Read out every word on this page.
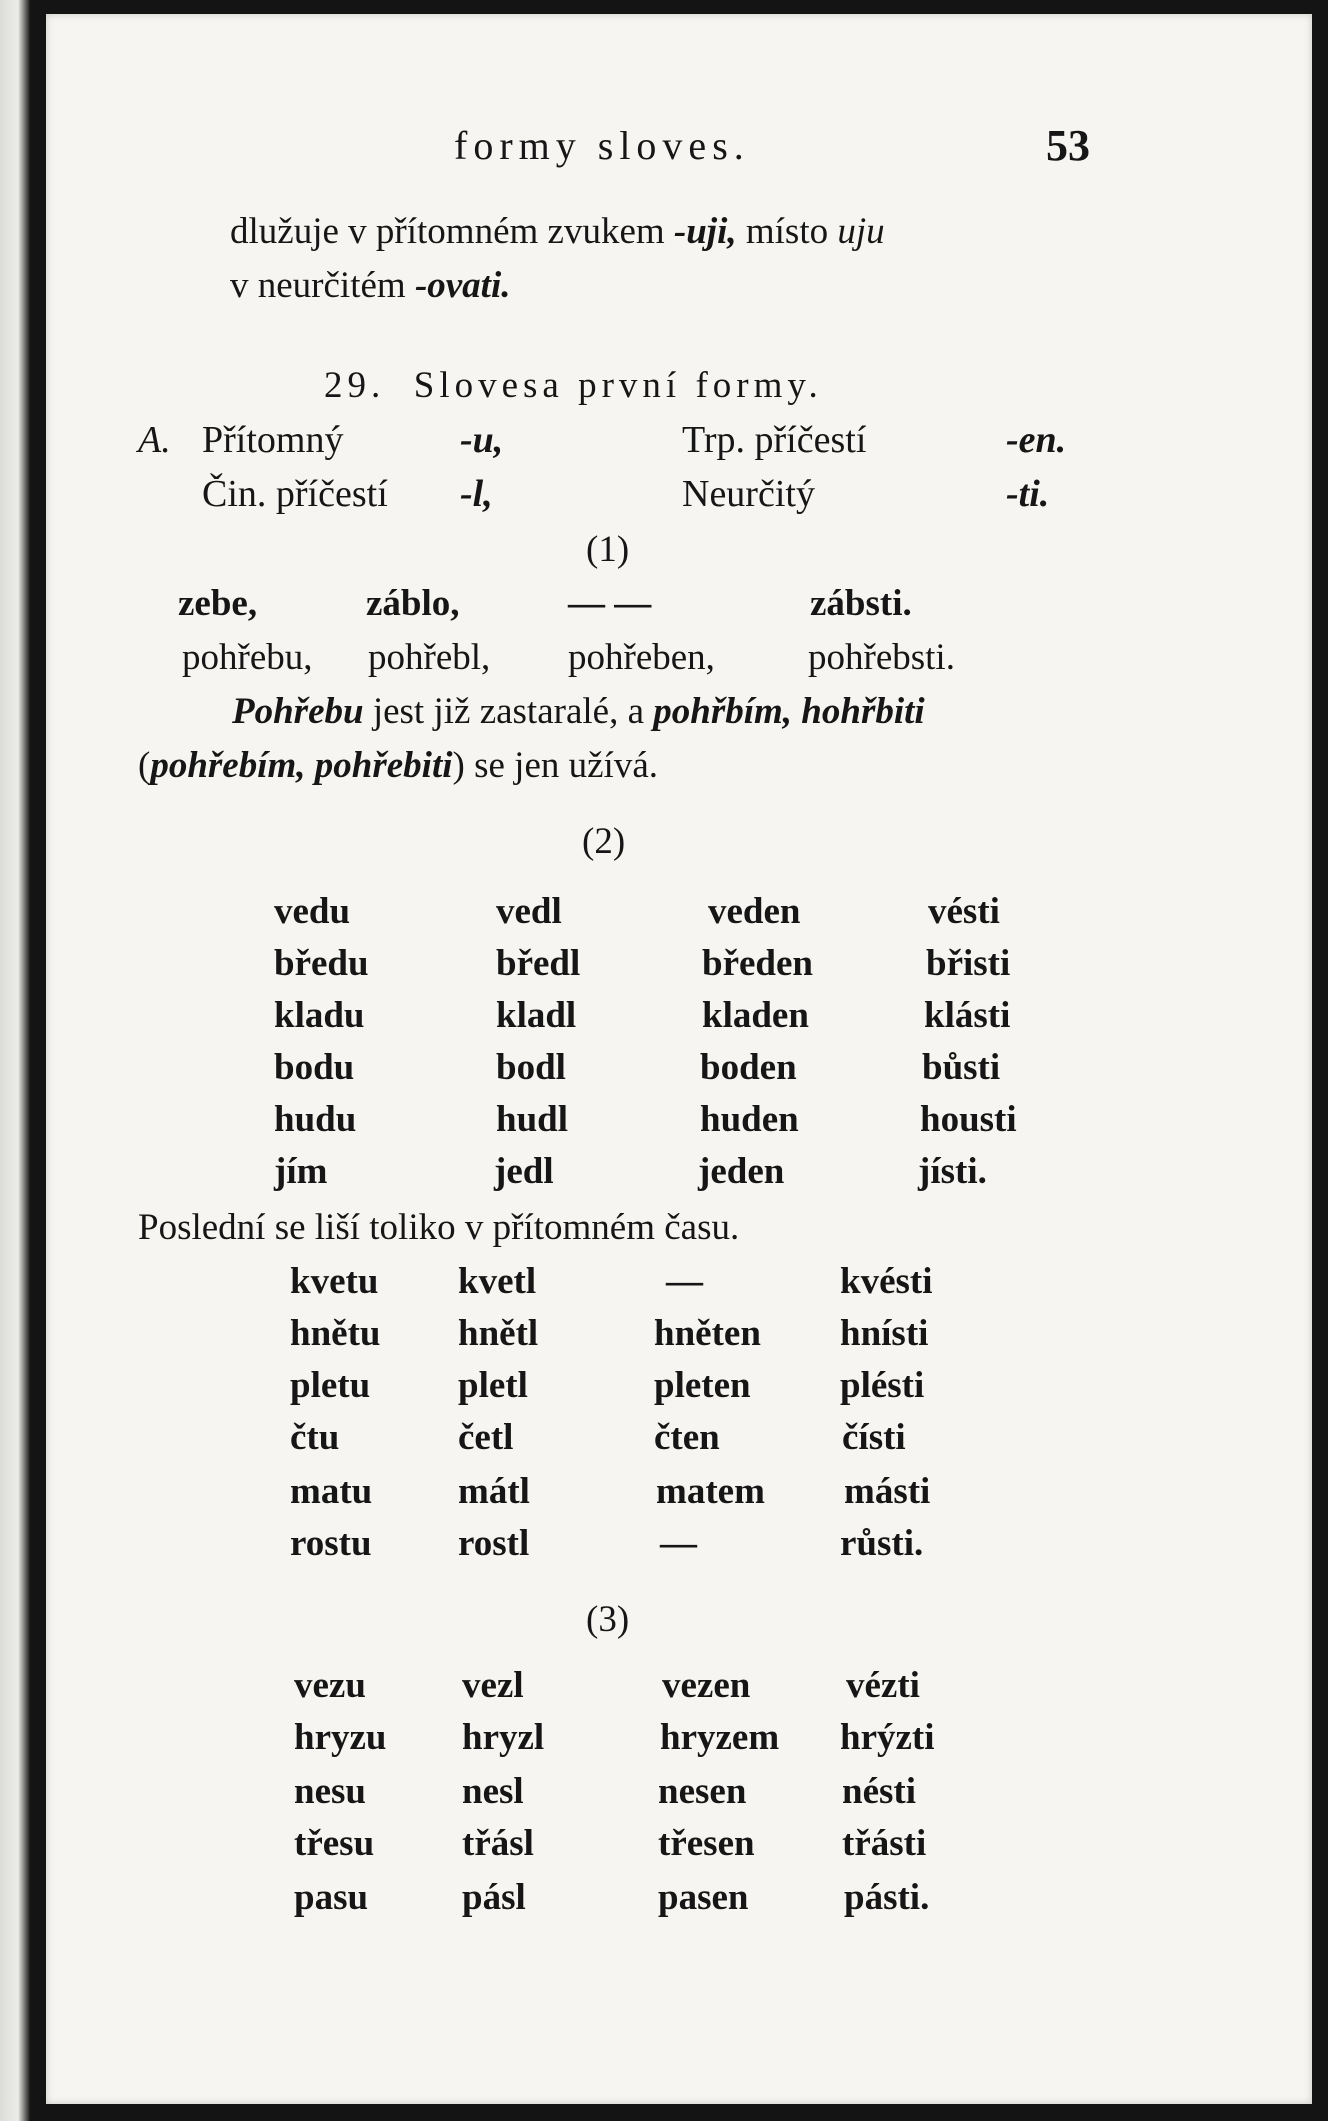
formy sloves.	53
dlužuje v přítomném zvukem -uji, místo uju
v neurčitém -ovati.
29. Slovesa první formy.
A. Přítomný	-u,	Trp. příčestí	-en.
Čin. příčestí -l,	Neurčitý	-ti.
(1)
zebe,	záblo,	— —	zábsti.
pohřebu, pohřebl, pohřeben,	pohřebsti.
Pohřebu jest již zastaralé, a pohřbím, hohřbiti
(pohřebím, pohřebiti) se jen užívá.
(2)
vedu	vedl	veden	vésti
bředu	bředl	bředen	břisti
kladu	kladl	kladen	klásti
bodu	bodl	boden	bůsti
hudu	hudl	huden	housti
jím	jedl	jeden	jísti.
Poslední se liší toliko v přítomném času.
kvetu kvetl	—	kvésti
hnětu hnětl	hněten hnísti
pletu pletl	pleten plésti
čtu	četl	čten	čísti
matu mátl	matem másti
rostu rostl	—	růsti.
(3)
vezu	vezl	vezen	vézti
hryzu hryzl	hryzem hrýzti
nesu	nesl	nesen	nésti
třesu třásl	třesen třásti
pasu	pásl	pasen	pásti.
